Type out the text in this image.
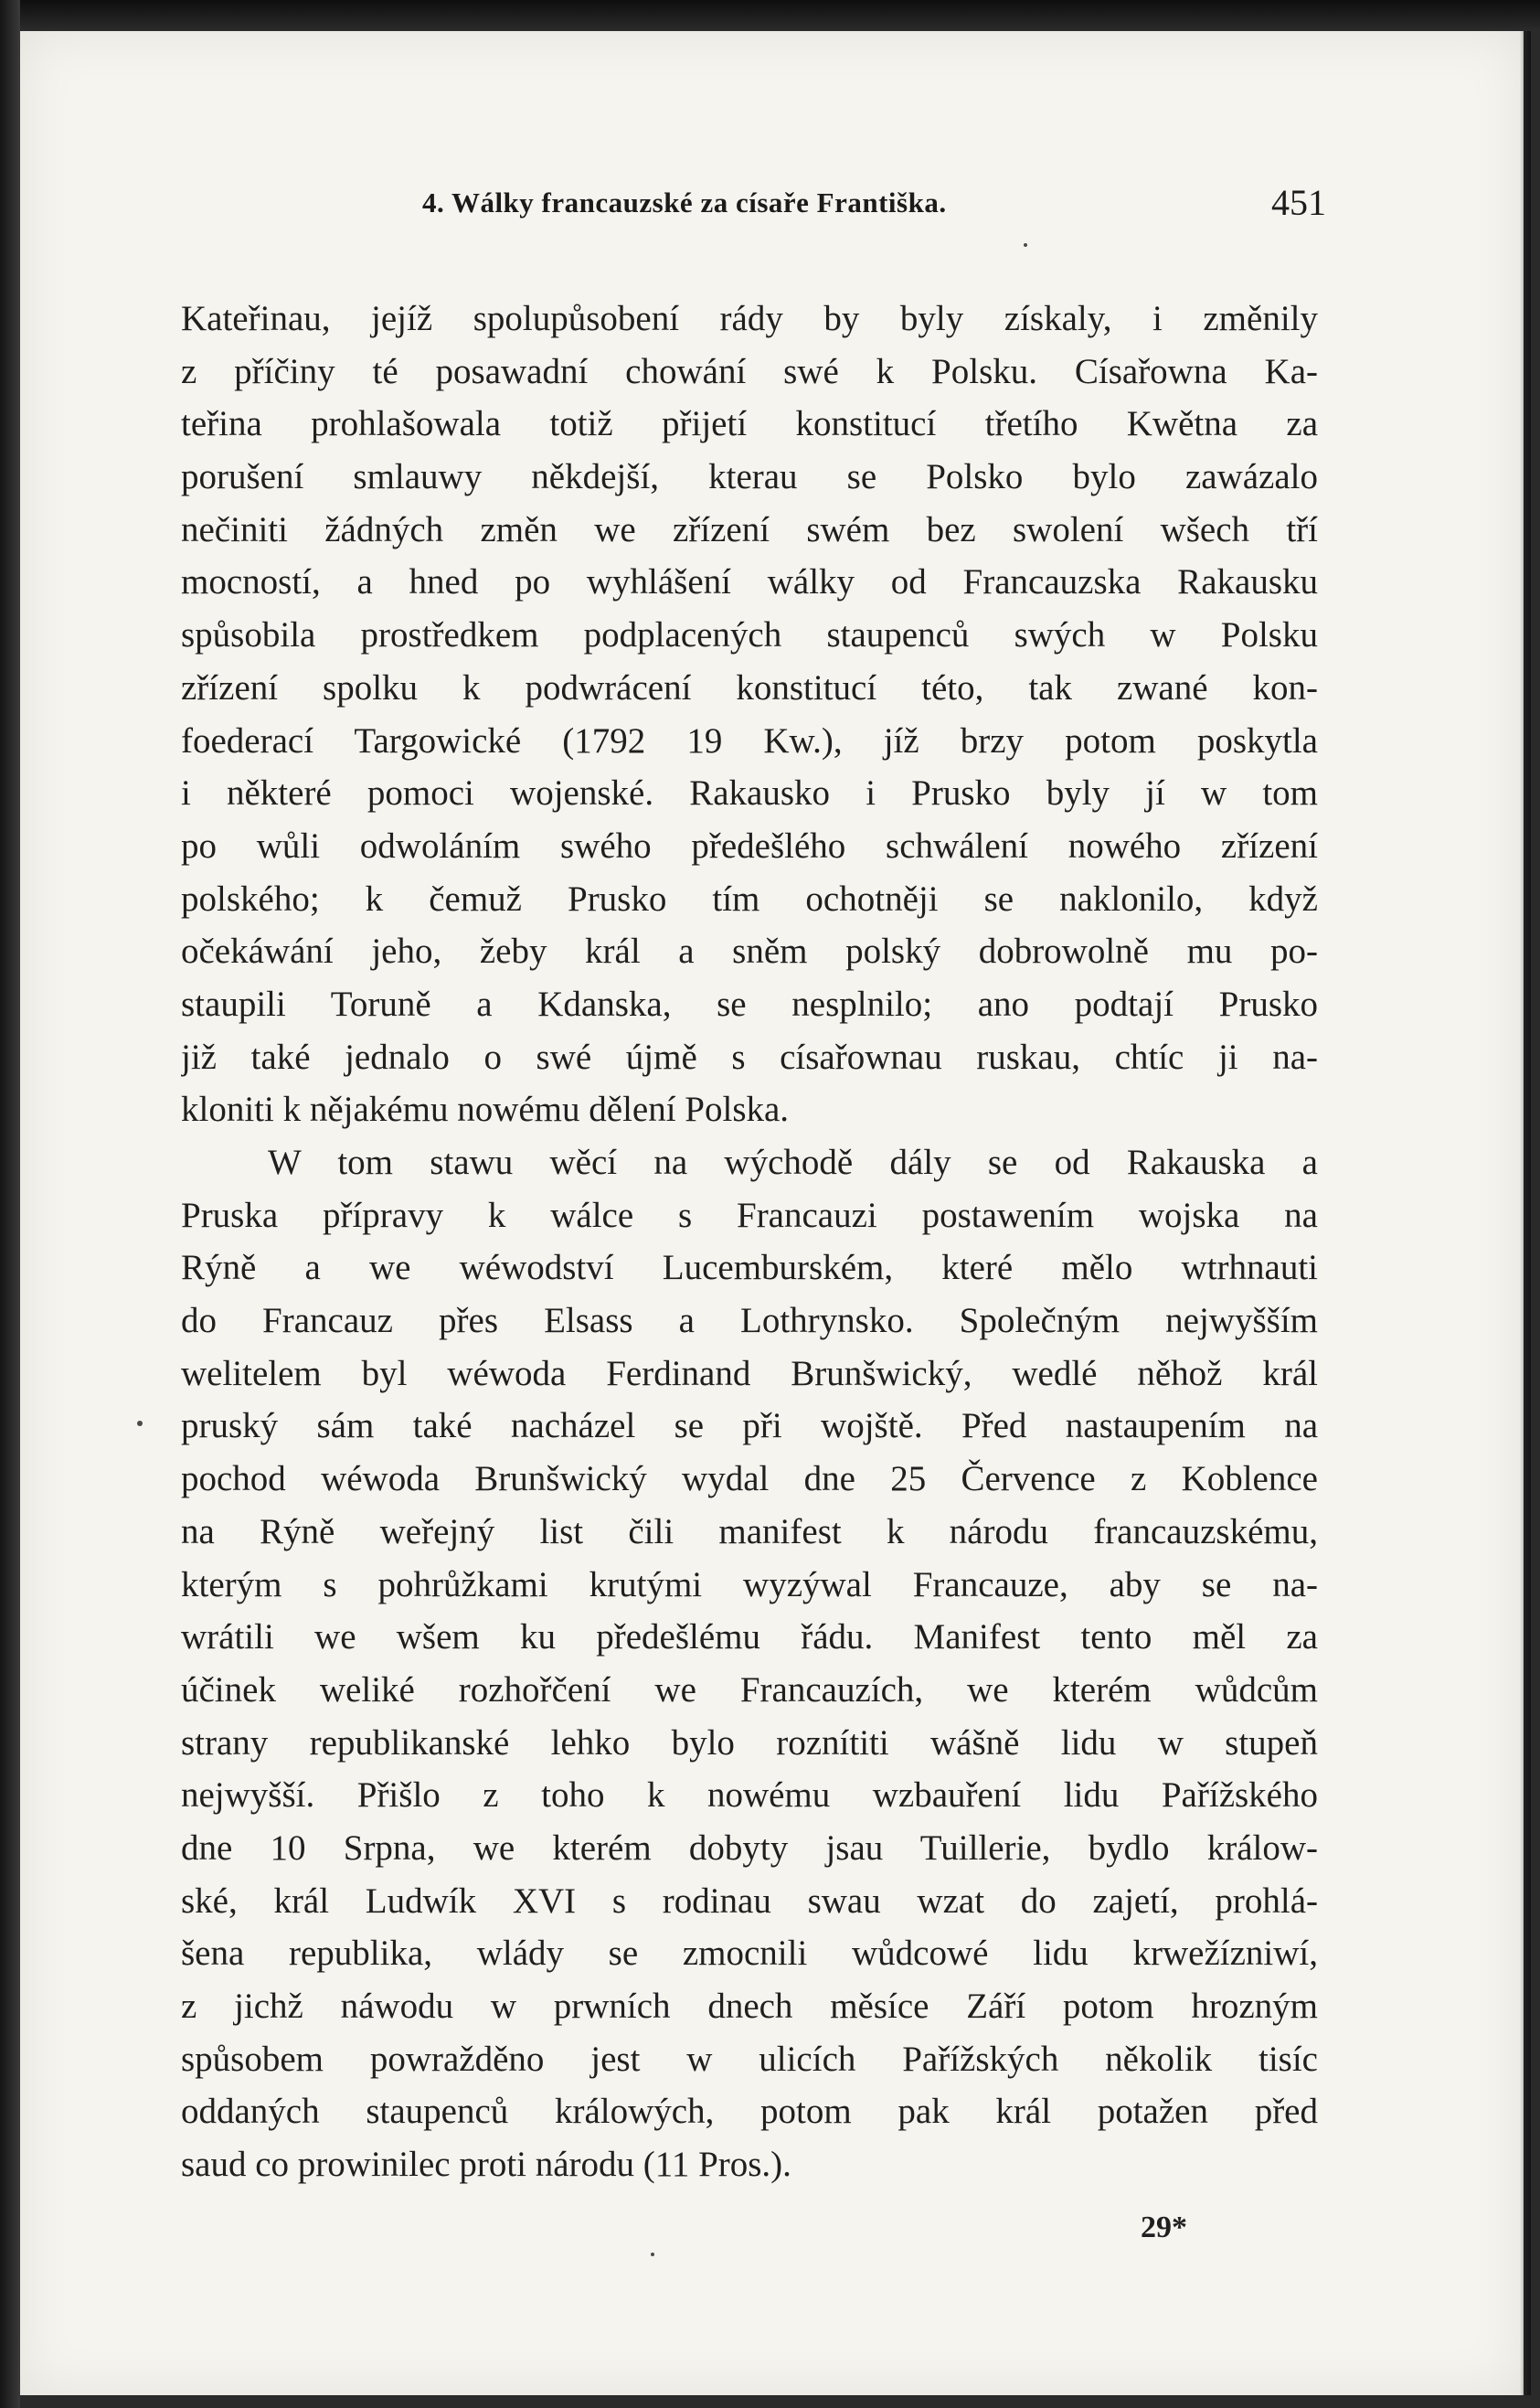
4. Wálky francauzské za císaře Františka.	451
Kateřinau, jejíž spolupůsobení rády by byly získaly, i změnily
z příčiny té posawadní chowání swé k Polsku. Císařowna Ka-
teřina prohlašowala totiž přijetí konstitucí třetího Kwětna za
porušení smlauwy někdejší, kterau se Polsko bylo zawázalo
nečiniti žádných změn we zřízení swém bez swolení wšech tří
mocností, a hned po wyhlášení wálky od Francauzska Rakausku
spůsobila prostředkem podplacených staupenců swých w Polsku
zřízení spolku k podwrácení konstitucí této, tak zwané kon-
foederací Targowické (1792 19 Kw.), jíž brzy potom poskytla
i některé pomoci wojenské. Rakausko i Prusko byly jí w tom
po wůli odwoláním swého předešlého schwálení nowého zřízení
polského; k čemuž Prusko tím ochotněji se naklonilo, když
očekáwání jeho, žeby král a sněm polský dobrowolně mu po-
staupili Toruně a Kdanska, se nesplnilo; ano podtají Prusko
již také jednalo o swé újmě s císařownau ruskau, chtíc ji na-
kloniti k nějakému nowému dělení Polska.
W tom stawu wěcí na wýchodě dály se od Rakauska a
Pruska přípravy k wálce s Francauzi postawením wojska na
Rýně a we wéwodství Lucemburském, které mělo wtrhnauti
do Francauz přes Elsass a Lothrynsko. Společným nejwyšším
welitelem byl wéwoda Ferdinand Brunšwický, wedlé něhož král
pruský sám také nacházel se při wojště. Před nastaupením na
pochod wéwoda Brunšwický wydal dne 25 Července z Koblence
na Rýně weřejný list čili manifest k národu francauzskému,
kterým s pohrůžkami krutými wyzýwal Francauze, aby se na-
wrátili we wšem ku předešlému řádu. Manifest tento měl za
účinek weliké rozhořčení we Francauzích, we kterém wůdcům
strany republikanské lehko bylo roznítiti wášně lidu w stupeň
nejwyšší. Přišlo z toho k nowému wzbauření lidu Pařížského
dne 10 Srpna, we kterém dobyty jsau Tuillerie, bydlo králow-
ské, král Ludwík XVI s rodinau swau wzat do zajetí, prohlá-
šena republika, wlády se zmocnili wůdcowé lidu krwežízniwí,
z jichž náwodu w prwních dnech měsíce Září potom hrozným
spůsobem powražděno jest w ulicích Pařížských několik tisíc
oddaných staupenců králowých, potom pak král potažen před
saud co prowinilec proti národu (11 Pros.).
29*
